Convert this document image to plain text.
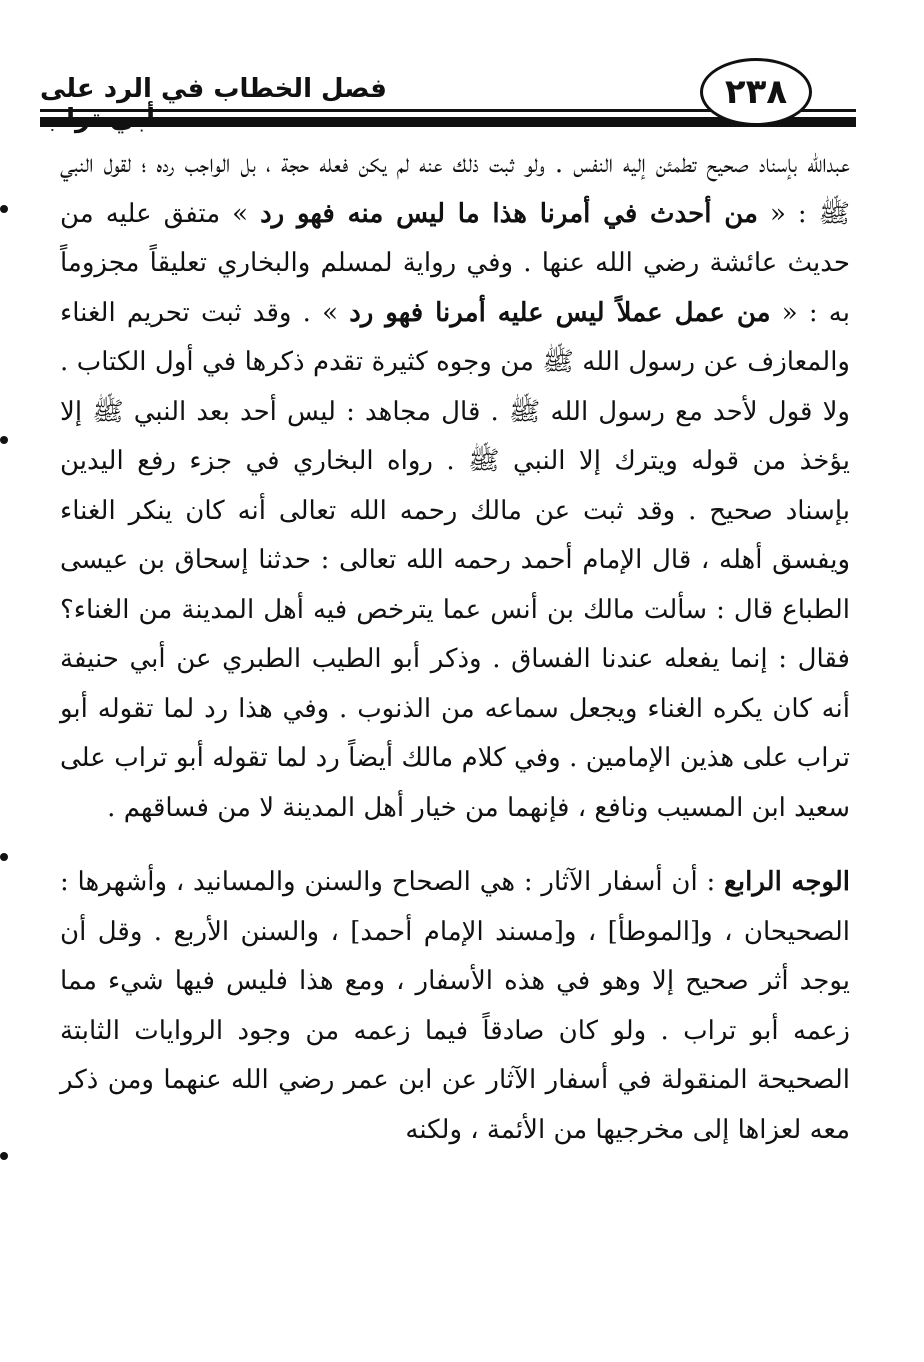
٢٣٨
فصل الخطاب في الرد على

عبدالله بإسناد صحيح تطمئن إليه النفس . ولو ثبت ذلك عنه لم يكن فعله حجة ، بل الواجب رده ؛ لقول النبي ﷺ : « من أحدث في أمرنا هذا ما ليس منه فهو رد » متفق عليه من حديث عائشة رضي الله عنها . وفي رواية لمسلم والبخاري تعليقاً مجزوماً به : « من عمل عملاً ليس عليه أمرنا فهو رد » . وقد ثبت تحريم الغناء والمعازف عن رسول الله ﷺ من وجوه كثيرة تقدم ذكرها في أول الكتاب . ولا قول لأحد مع رسول الله ﷺ . قال مجاهد : ليس أحد بعد النبي ﷺ إلا يؤخذ من قوله ويترك إلا النبي ﷺ . رواه البخاري في جزء رفع اليدين بإسناد صحيح . وقد ثبت عن مالك رحمه الله تعالى أنه كان ينكر الغناء ويفسق أهله ، قال الإمام أحمد رحمه الله تعالى : حدثنا إسحاق بن عيسى الطباع قال : سألت مالك بن أنس عما يترخص فيه أهل المدينة من الغناء؟ فقال : إنما يفعله عندنا الفساق . وذكر أبو الطيب الطبري عن أبي حنيفة أنه كان يكره الغناء ويجعل سماعه من الذنوب . وفي هذا رد لما تقوله أبو تراب على هذين الإمامين . وفي كلام مالك أيضاً رد لما تقوله أبو تراب على سعيد ابن المسيب ونافع ، فإنهما من خيار أهل المدينة لا من فساقهم .

الوجه الرابع : أن أسفار الآثار : هي الصحاح والسنن والمسانيد ، وأشهرها : الصحيحان ، و[الموطأ] ، و[مسند الإمام أحمد] ، والسنن الأربع . وقل أن يوجد أثر صحيح إلا وهو في هذه الأسفار ، ومع هذا فليس فيها شيء مما زعمه أبو تراب . ولو كان صادقاً فيما زعمه من وجود الروايات الثابتة الصحيحة المنقولة في أسفار الآثار عن ابن عمر رضي الله عنهما ومن ذكر معه لعزاها إلى مخرجيها من الأئمة ، ولكنه
